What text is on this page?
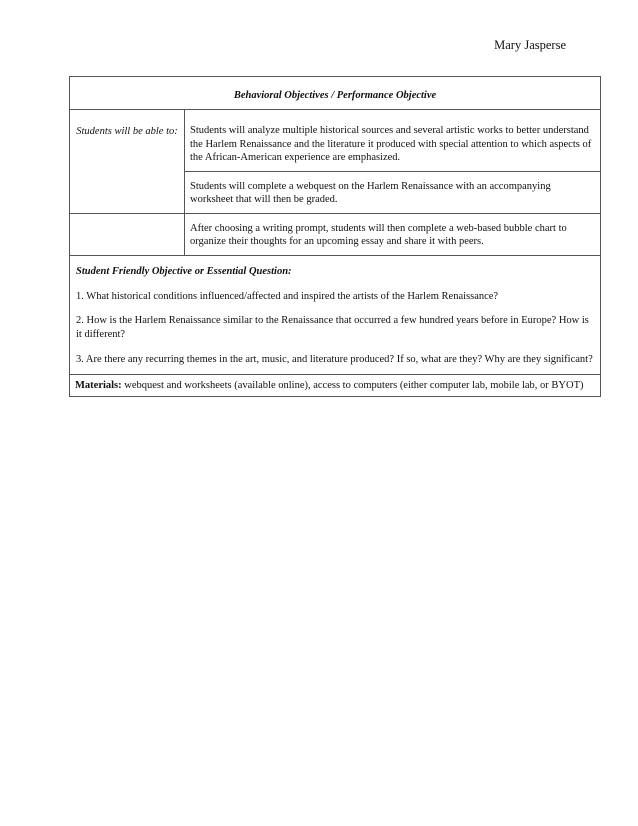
Mary Jasperse
Behavioral Objectives / Performance Objective
Students will be able to:	Students will analyze multiple historical sources and several artistic works to better understand the Harlem Renaissance and the literature it produced with special attention to which aspects of the African-American experience are emphasized.
Students will complete a webquest on the Harlem Renaissance with an accompanying worksheet that will then be graded.
After choosing a writing prompt, students will then complete a web-based bubble chart to organize their thoughts for an upcoming essay and share it with peers.

Student Friendly Objective or Essential Question:

1. What historical conditions influenced/affected and inspired the artists of the Harlem Renaissance?

2. How is the Harlem Renaissance similar to the Renaissance that occurred a few hundred years before in Europe? How is it different?

3. Are there any recurring themes in the art, music, and literature produced? If so, what are they? Why are they significant?

Materials: webquest and worksheets (available online), access to computers (either computer lab, mobile lab, or BYOT)
